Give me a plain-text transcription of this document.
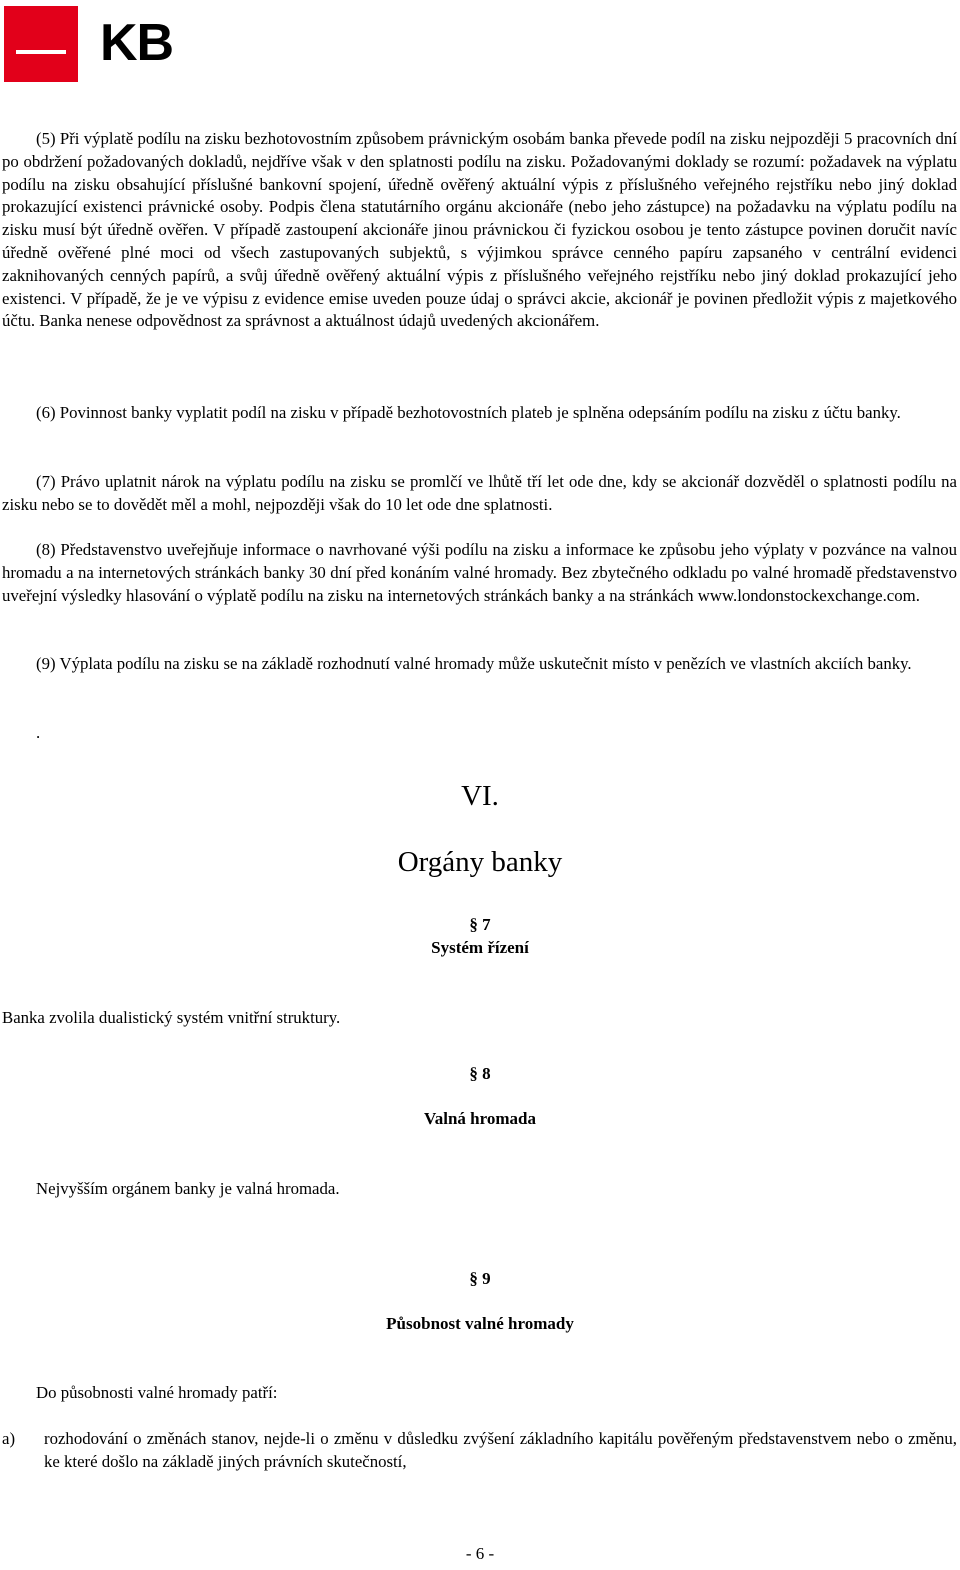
KB
(5) Při výplatě podílu na zisku bezhotovostním způsobem právnickým osobám banka převede podíl na zisku nejpozději 5 pracovních dní po obdržení požadovaných dokladů, nejdříve však v den splatnosti podílu na zisku. Požadovanými doklady se rozumí: požadavek na výplatu podílu na zisku obsahující příslušné bankovní spojení, úředně ověřený aktuální výpis z příslušného veřejného rejstříku nebo jiný doklad prokazující existenci právnické osoby. Podpis člena statutárního orgánu akcionáře (nebo jeho zástupce) na požadavku na výplatu podílu na zisku musí být úředně ověřen. V případě zastoupení akcionáře jinou právnickou či fyzickou osobou je tento zástupce povinen doručit navíc úředně ověřené plné moci od všech zastupovaných subjektů, s výjimkou správce cenného papíru zapsaného v centrální evidenci zaknihovaných cenných papírů, a svůj úředně ověřený aktuální výpis z příslušného veřejného rejstříku nebo jiný doklad prokazující jeho existenci. V případě, že je ve výpisu z evidence emise uveden pouze údaj o správci akcie, akcionář je povinen předložit výpis z majetkového účtu. Banka nenese odpovědnost za správnost a aktuálnost údajů uvedených akcionářem.
(6) Povinnost banky vyplatit podíl na zisku v případě bezhotovostních plateb je splněna odepsáním podílu na zisku z účtu banky.
(7) Právo uplatnit nárok na výplatu podílu na zisku se promlčí ve lhůtě tří let ode dne, kdy se akcionář dozvěděl o splatnosti podílu na zisku nebo se to dovědět měl a mohl, nejpozději však do 10 let ode dne splatnosti.
(8) Představenstvo uveřejňuje informace o navrhované výši podílu na zisku a informace ke způsobu jeho výplaty v pozvánce na valnou hromadu a na internetových stránkách banky 30 dní před konáním valné hromady. Bez zbytečného odkladu po valné hromadě představenstvo uveřejní výsledky hlasování o výplatě podílu na zisku na internetových stránkách banky a na stránkách www.londonstockexchange.com.
(9) Výplata podílu na zisku se na základě rozhodnutí valné hromady může uskutečnit místo v penězích ve vlastních akciích banky.
.
VI.
Orgány banky
§ 7
Systém řízení
Banka zvolila dualistický systém vnitřní struktury.
§ 8
Valná hromada
Nejvyšším orgánem banky je valná hromada.
§ 9
Působnost valné hromady
Do působnosti valné hromady patří:
a) rozhodování o změnách stanov, nejde-li o změnu v důsledku zvýšení základního kapitálu pověřeným představenstvem nebo o změnu, ke které došlo na základě jiných právních skutečností,
- 6 -
